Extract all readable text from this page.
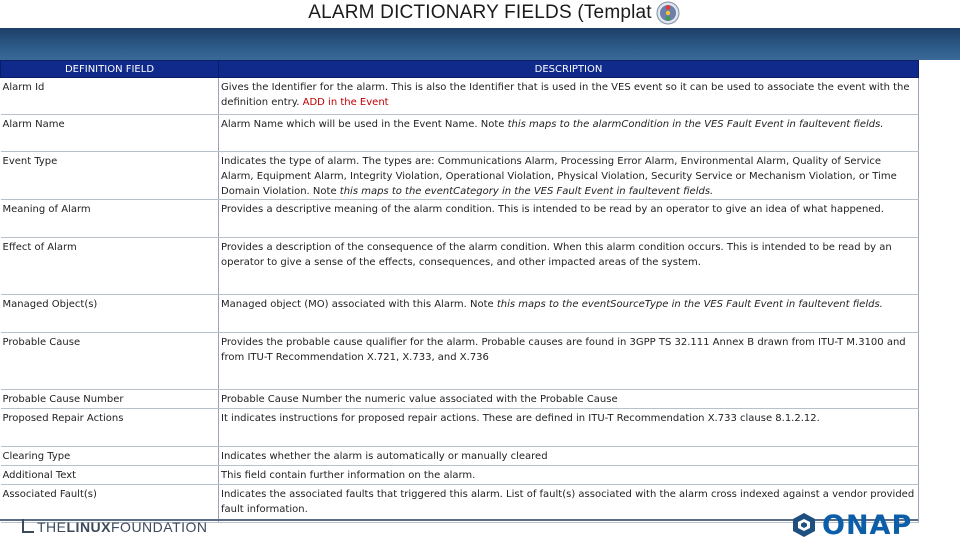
ALARM DICTIONARY FIELDS (Templat
DEFINITION FIELD	DESCRIPTION
Alarm Id	Gives the Identifier for the alarm. This is also the Identifier that is used in the VES event so it can be used to associate the event with the definition entry. ADD in the Event
Alarm Name	Alarm Name which will be used in the Event Name. Note this maps to the alarmCondition in the VES Fault Event in faultevent fields.
Event Type	Indicates the type of alarm. The types are: Communications Alarm, Processing Error Alarm, Environmental Alarm, Quality of Service Alarm, Equipment Alarm, Integrity Violation, Operational Violation, Physical Violation, Security Service or Mechanism Violation, or Time Domain Violation. Note this maps to the eventCategory in the VES Fault Event in faultevent fields.
Meaning of Alarm	Provides a descriptive meaning of the alarm condition. This is intended to be read by an operator to give an idea of what happened.
Effect of Alarm	Provides a description of the consequence of the alarm condition. When this alarm condition occurs. This is intended to be read by an operator to give a sense of the effects, consequences, and other impacted areas of the system.
Managed Object(s)	Managed object (MO) associated with this Alarm. Note this maps to the eventSourceType in the VES Fault Event in faultevent fields.
Probable Cause	Provides the probable cause qualifier for the alarm. Probable causes are found in 3GPP TS 32.111 Annex B drawn from ITU-T M.3100 and from ITU-T Recommendation X.721, X.733, and X.736
Probable Cause Number	Probable Cause Number the numeric value associated with the Probable Cause
Proposed Repair Actions	It indicates instructions for proposed repair actions. These are defined in ITU-T Recommendation X.733 clause 8.1.2.12.
Clearing Type	Indicates whether the alarm is automatically or manually cleared
Additional Text	This field contain further information on the alarm.
Associated Fault(s)	Indicates the associated faults that triggered this alarm. List of fault(s) associated with the alarm cross indexed against a vendor provided fault information.
THELINUXFOUNDATION	ONAP
